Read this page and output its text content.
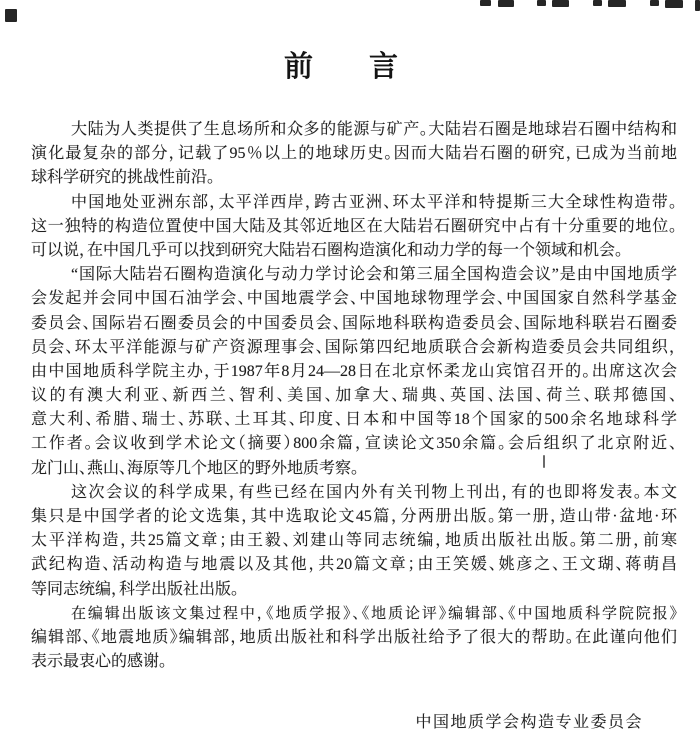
前 言
大陆为人类提供了生息场所和众多的能源与矿产。大陆岩石圈是地球岩石圈中结构和
演化最复杂的部分，记载了95％以上的地球历史。因而大陆岩石圈的研究，已成为当前地
球科学研究的挑战性前沿。
中国地处亚洲东部，太平洋西岸，跨古亚洲、环太平洋和特提斯三大全球性构造带。
这一独特的构造位置使中国大陆及其邻近地区在大陆岩石圈研究中占有十分重要的地位。
可以说，在中国几乎可以找到研究大陆岩石圈构造演化和动力学的每一个领域和机会。
“国际大陆岩石圈构造演化与动力学讨论会和第三届全国构造会议”是由中国地质学
会发起并会同中国石油学会、中国地震学会、中国地球物理学会、中国国家自然科学基金
委员会、国际岩石圈委员会的中国委员会、国际地科联构造委员会、国际地科联岩石圈委
员会、环太平洋能源与矿产资源理事会、国际第四纪地质联合会新构造委员会共同组织，
由中国地质科学院主办，于1987年8月24—28日在北京怀柔龙山宾馆召开的。出席这次会
议的有澳大利亚、新西兰、智利、美国、加拿大、瑞典、英国、法国、荷兰、联邦德国、
意大利、希腊、瑞士、苏联、土耳其、印度、日本和中国等18个国家的500余名地球科学
工作者。会议收到学术论文（摘要）800余篇，宣读论文350余篇。会后组织了北京附近、
龙门山、燕山、海原等几个地区的野外地质考察。
这次会议的科学成果，有些已经在国内外有关刊物上刊出，有的也即将发表。本文
集只是中国学者的论文选集，其中选取论文45篇，分两册出版。第一册，造山带·盆地·环
太平洋构造，共25篇文章；由王毅、刘建山等同志统编，地质出版社出版。第二册，前寒
武纪构造、活动构造与地震以及其他，共20篇文章；由王笑媛、姚彦之、王文瑚、蒋萌昌
等同志统编，科学出版社出版。
在编辑出版该文集过程中，《地质学报》、《地质论评》编辑部、《中国地质科学院院报》
编辑部、《地震地质》编辑部，地质出版社和科学出版社给予了很大的帮助。在此谨向他们
表示最衷心的感谢。
中国地质学会构造专业委员会
